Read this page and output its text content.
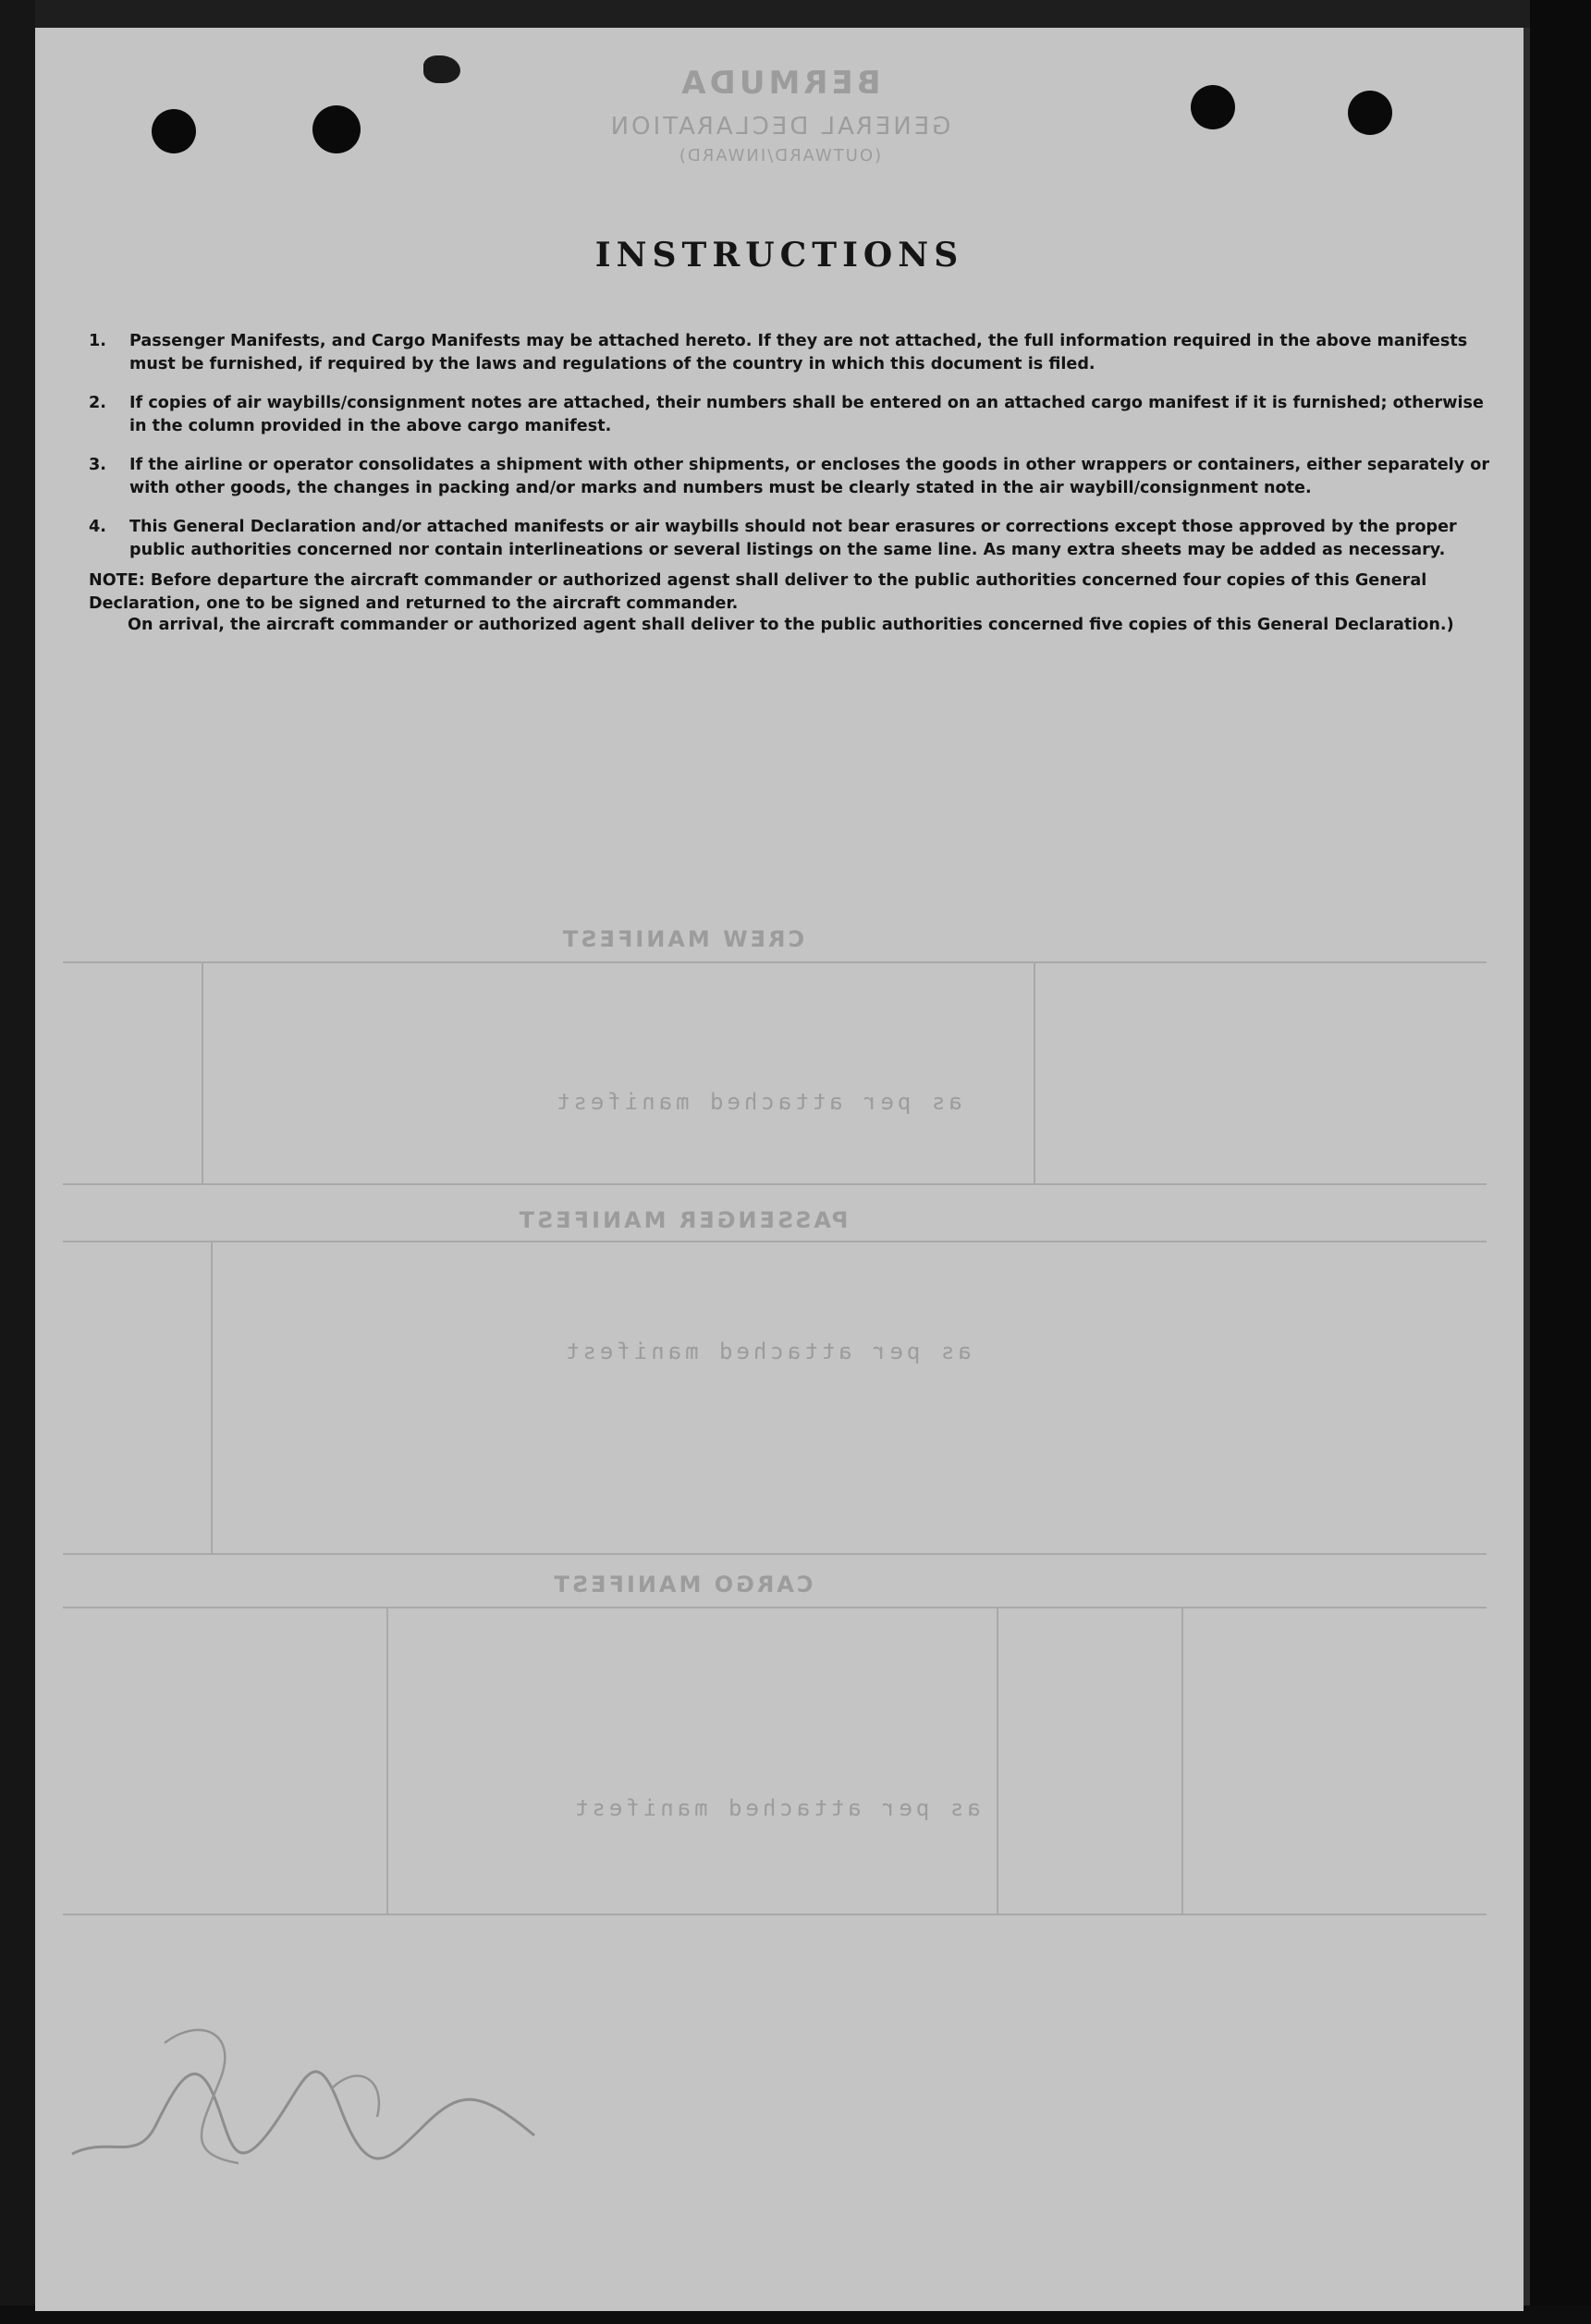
BERMUDA
GENERAL DECLARATION
(OUTWARD/INWARD)
CREW MANIFEST
as per attached manifest
PASSENGER MANIFEST
as per attached manifest
CARGO MANIFEST
as per attached manifest
INSTRUCTIONS
1. Passenger Manifests, and Cargo Manifests may be attached hereto. If they are not attached, the full information required in the above manifests must be furnished, if required by the laws and regulations of the country in which this document is filed.
2. If copies of air waybills/consignment notes are attached, their numbers shall be entered on an attached cargo manifest if it is furnished; otherwise in the column provided in the above cargo manifest.
3. If the airline or operator consolidates a shipment with other shipments, or encloses the goods in other wrappers or containers, either separately or with other goods, the changes in packing and/or marks and numbers must be clearly stated in the air waybill/consignment note.
4. This General Declaration and/or attached manifests or air waybills should not bear erasures or corrections except those approved by the proper public authorities concerned nor contain interlineations or several listings on the same line. As many extra sheets may be added as necessary.
NOTE: Before departure the aircraft commander or authorized agenst shall deliver to the public authorities concerned four copies of this General Declaration, one to be signed and returned to the aircraft commander.
On arrival, the aircraft commander or authorized agent shall deliver to the public authorities concerned five copies of this General Declaration.)
